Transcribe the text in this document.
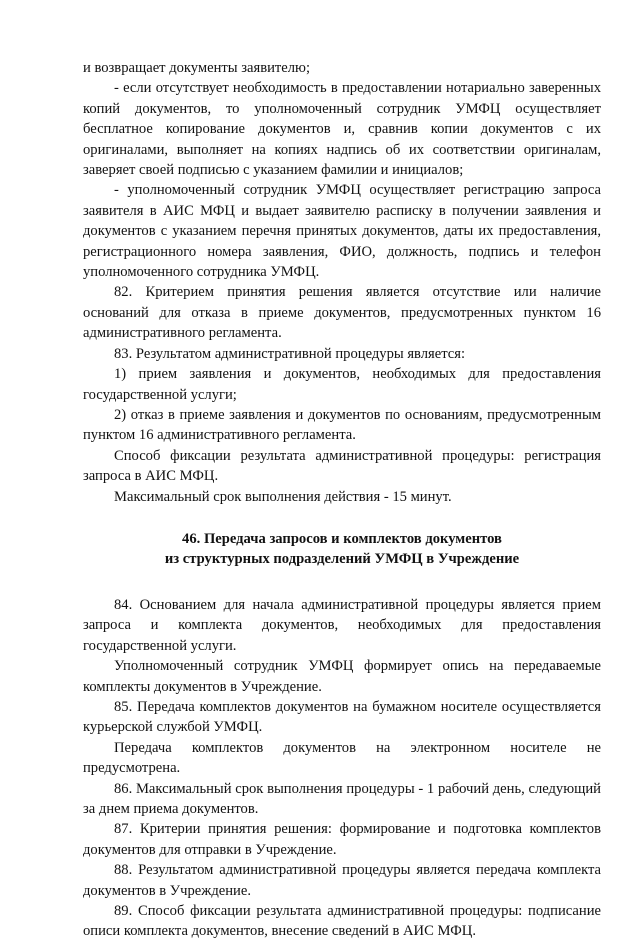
и возвращает документы заявителю;

- если отсутствует необходимость в предоставлении нотариально заверенных копий документов, то уполномоченный сотрудник УМФЦ осуществляет бесплатное копирование документов и, сравнив копии документов с их оригиналами, выполняет на копиях надпись об их соответствии оригиналам, заверяет своей подписью с указанием фамилии и инициалов;

- уполномоченный сотрудник УМФЦ осуществляет регистрацию запроса заявителя в АИС МФЦ и выдает заявителю расписку в получении заявления и документов с указанием перечня принятых документов, даты их предоставления, регистрационного номера заявления, ФИО, должность, подпись и телефон уполномоченного сотрудника УМФЦ.

82. Критерием принятия решения является отсутствие или наличие оснований для отказа в приеме документов, предусмотренных пунктом 16 административного регламента.

83. Результатом административной процедуры является:

1) прием заявления и документов, необходимых для предоставления государственной услуги;

2) отказ в приеме заявления и документов по основаниям, предусмотренным пунктом 16 административного регламента.

Способ фиксации результата административной процедуры: регистрация запроса в АИС МФЦ.

Максимальный срок выполнения действия - 15 минут.

46. Передача запросов и комплектов документов

из структурных подразделений УМФЦ в Учреждение

84. Основанием для начала административной процедуры является прием запроса и комплекта документов, необходимых для предоставления государственной услуги.

Уполномоченный сотрудник УМФЦ формирует опись на передаваемые комплекты документов в Учреждение.

85. Передача комплектов документов на бумажном носителе осуществляется курьерской службой УМФЦ.

Передача комплектов документов на электронном носителе не предусмотрена.

86. Максимальный срок выполнения процедуры - 1 рабочий день, следующий за днем приема документов.

87. Критерии принятия решения: формирование и подготовка комплектов документов для отправки в Учреждение.

88. Результатом административной процедуры является передача комплекта документов в Учреждение.

89. Способ фиксации результата административной процедуры: подписание описи комплекта документов, внесение сведений в АИС МФЦ.
